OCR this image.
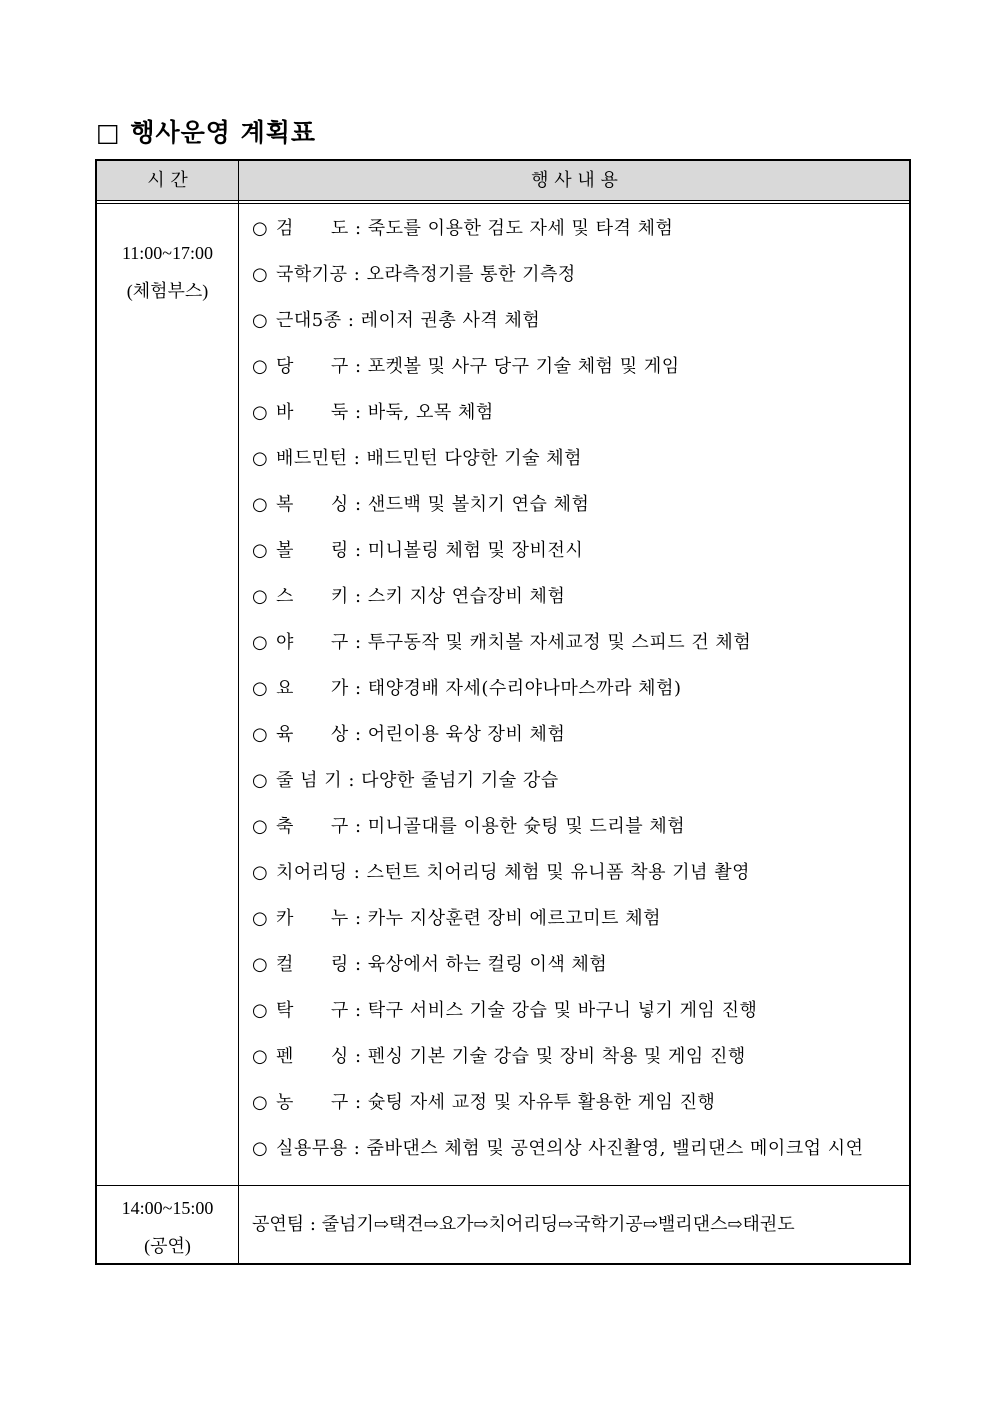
□ 행사운영 계획표
시 간	행 사 내 용
11:00~17:00
(체험부스)
○ 검　　도 : 죽도를 이용한 검도 자세 및 타격 체험
○ 국학기공 : 오라측정기를 통한 기측정
○ 근대5종 : 레이저 권총 사격 체험
○ 당　　구 : 포켓볼 및 사구 당구 기술 체험 및 게임
○ 바　　둑 : 바둑, 오목 체험
○ 배드민턴 : 배드민턴 다양한 기술 체험
○ 복　　싱 : 샌드백 및 볼치기 연습 체험
○ 볼　　링 : 미니볼링 체험 및 장비전시
○ 스　　키 : 스키 지상 연습장비 체험
○ 야　　구 : 투구동작 및 캐치볼 자세교정 및 스피드 건 체험
○ 요　　가 : 태양경배 자세(수리야나마스까라 체험)
○ 육　　상 : 어린이용 육상 장비 체험
○ 줄 넘 기 : 다양한 줄넘기 기술 강습
○ 축　　구 : 미니골대를 이용한 슛팅 및 드리블 체험
○ 치어리딩 : 스턴트 치어리딩 체험 및 유니폼 착용 기념 촬영
○ 카　　누 : 카누 지상훈련 장비 에르고미트 체험
○ 컬　　링 : 육상에서 하는 컬링 이색 체험
○ 탁　　구 : 탁구 서비스 기술 강습 및 바구니 넣기 게임 진행
○ 펜　　싱 : 펜싱 기본 기술 강습 및 장비 착용 및 게임 진행
○ 농　　구 : 슛팅 자세 교정 및 자유투 활용한 게임 진행
○ 실용무용 : 줌바댄스 체험 및 공연의상 사진촬영, 밸리댄스 메이크업 시연
14:00~15:00
(공연)
공연팀 : 줄넘기⇨택견⇨요가⇨치어리딩⇨국학기공⇨밸리댄스⇨태권도
